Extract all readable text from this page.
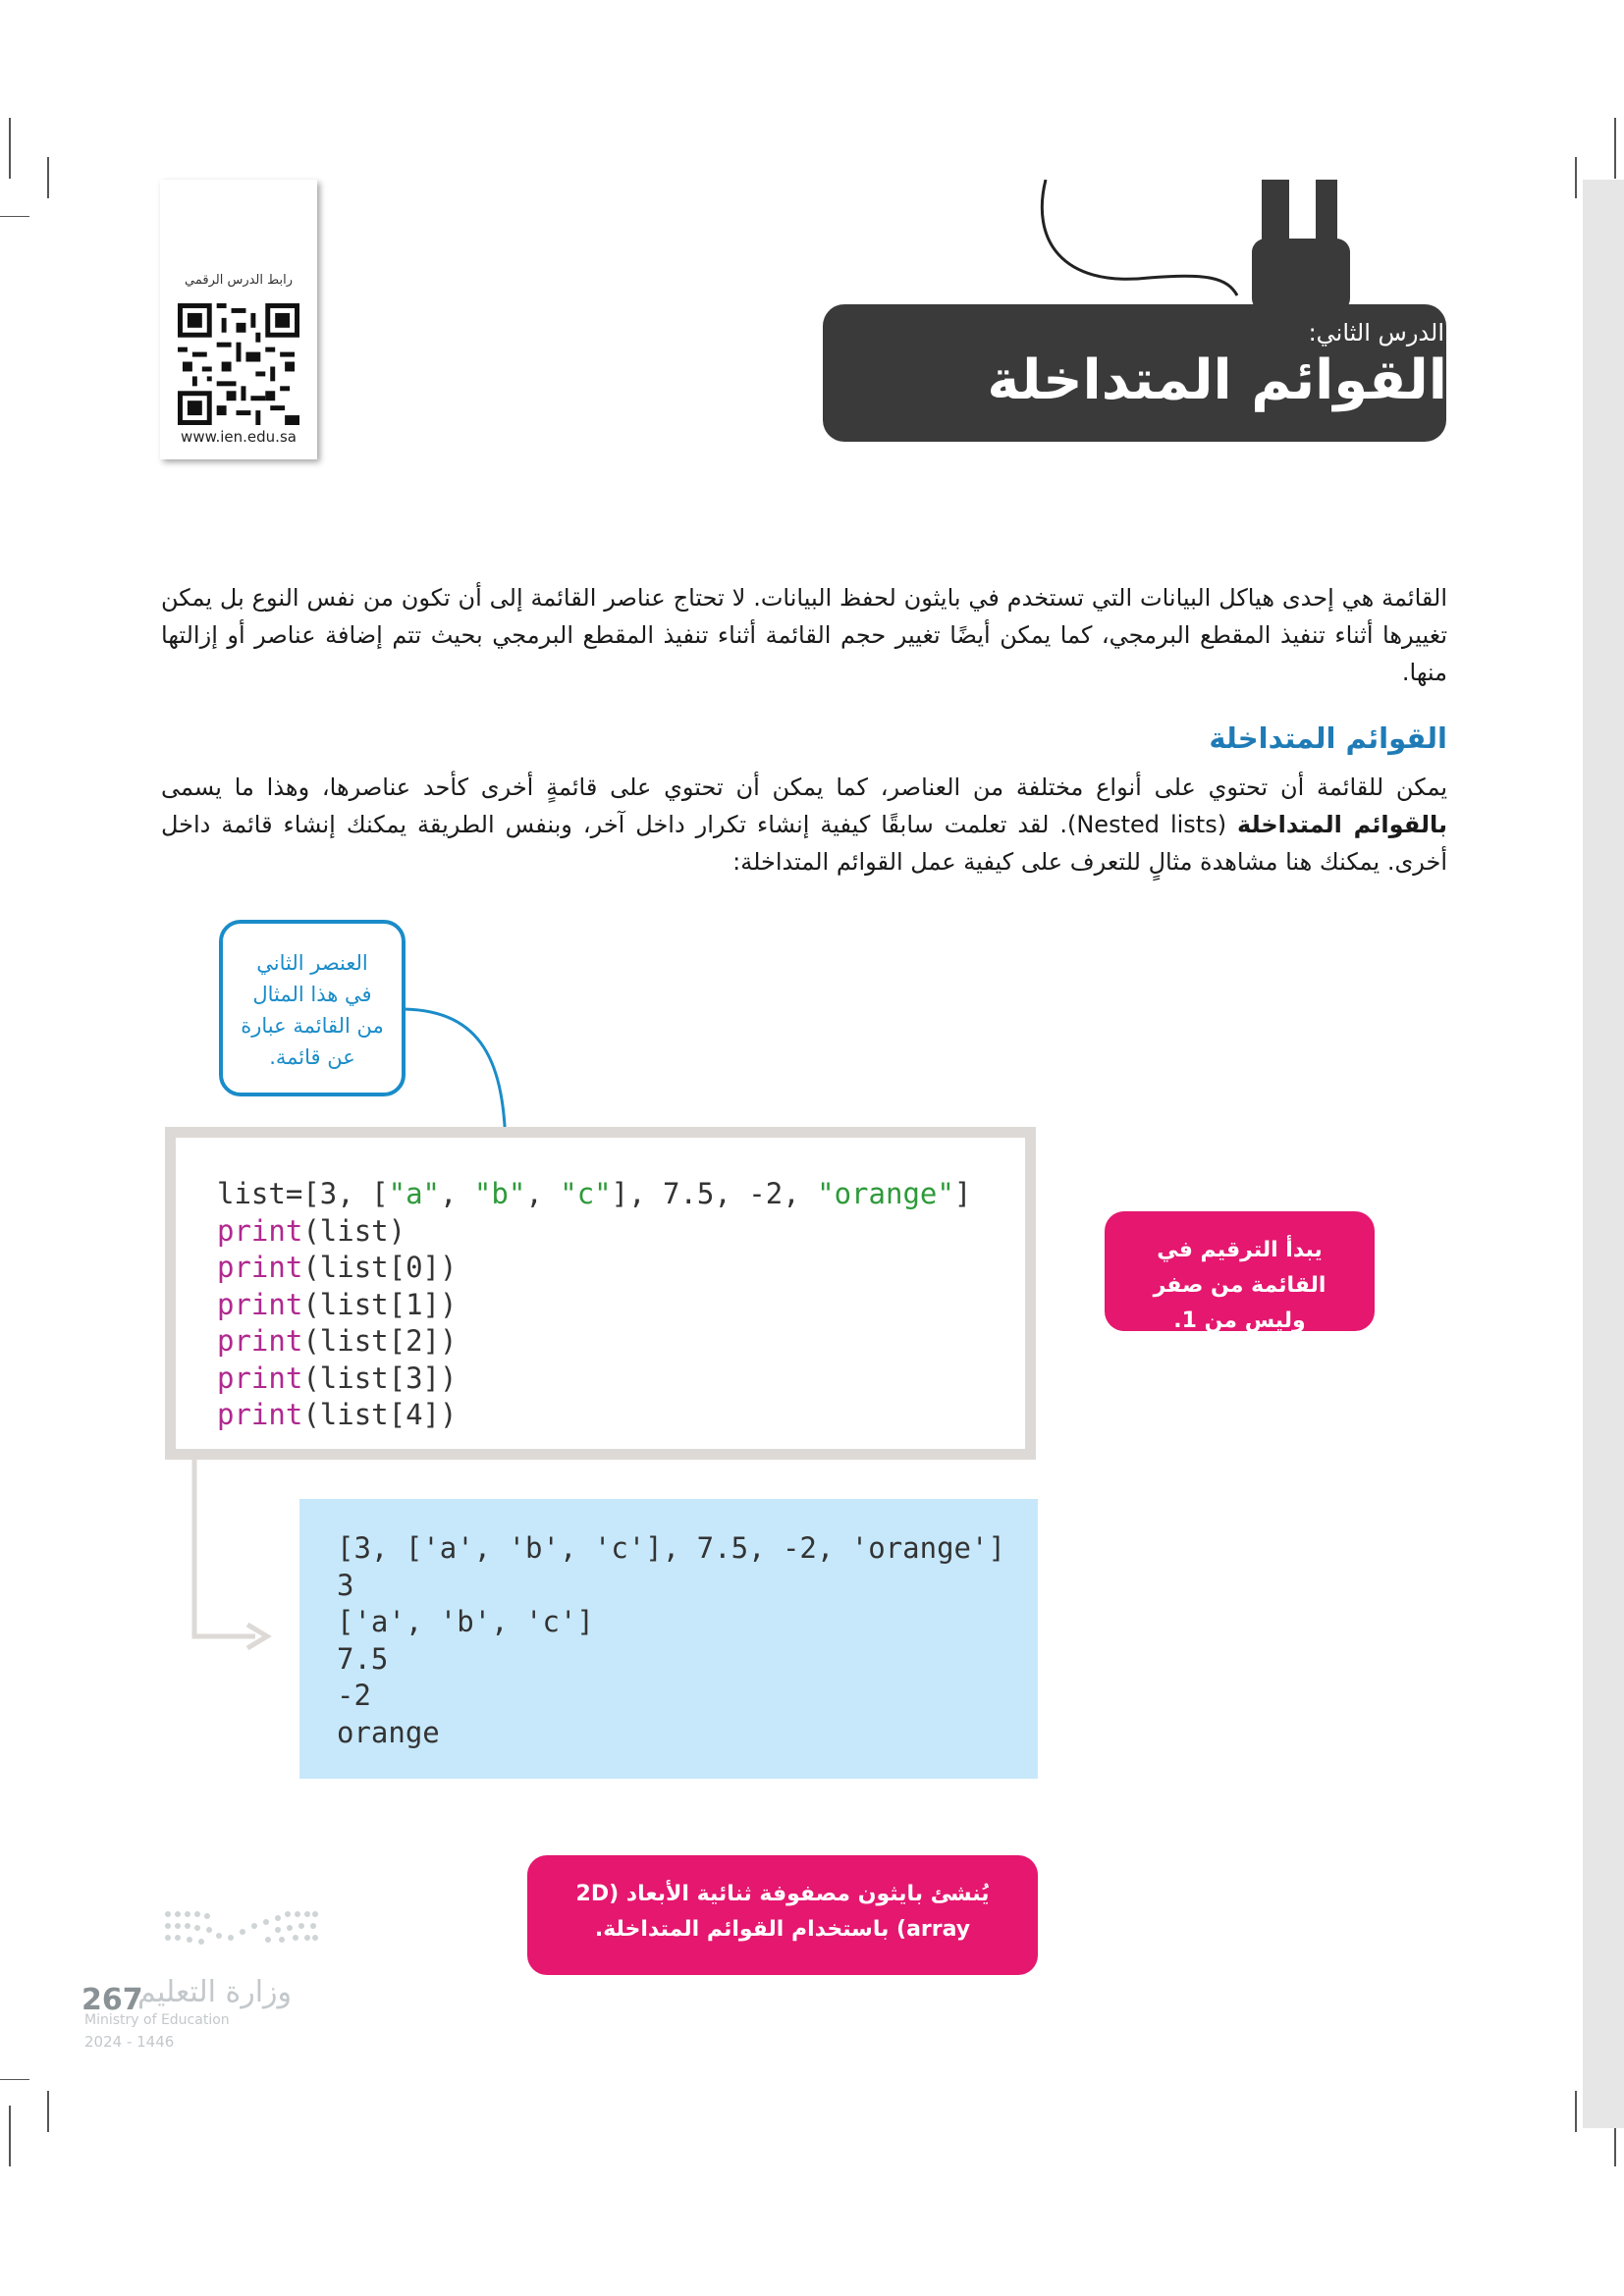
رابط الدرس الرقمي
www.ien.edu.sa
الدرس الثاني:
القوائم المتداخلة
القائمة هي إحدى هياكل البيانات التي تستخدم في بايثون لحفظ البيانات. لا تحتاج عناصر القائمة إلى أن تكون من نفس النوع بل يمكن تغييرها أثناء تنفيذ المقطع البرمجي، كما يمكن أيضًا تغيير حجم القائمة أثناء تنفيذ المقطع البرمجي بحيث تتم إضافة عناصر أو إزالتها منها.
القوائم المتداخلة
يمكن للقائمة أن تحتوي على أنواع مختلفة من العناصر، كما يمكن أن تحتوي على قائمةٍ أخرى كأحد عناصرها، وهذا ما يسمى بالقوائم المتداخلة (Nested lists). لقد تعلمت سابقًا كيفية إنشاء تكرار داخل آخر، وبنفس الطريقة يمكنك إنشاء قائمة داخل أخرى. يمكنك هنا مشاهدة مثالٍ للتعرف على كيفية عمل القوائم المتداخلة:
العنصر الثاني في هذا المثال من القائمة عبارة عن قائمة.
list=[3, ["a", "b", "c"], 7.5, -2, "orange"]
print(list)
print(list[0])
print(list[1])
print(list[2])
print(list[3])
print(list[4])
[3, ['a', 'b', 'c'], 7.5, -2, 'orange']
3
['a', 'b', 'c']
7.5
-2
orange
يبدأ الترقيم في القائمة من صفر وليس من 1.
يُنشئ بايثون مصفوفة ثنائية الأبعاد (2D array) باستخدام القوائم المتداخلة.
وزارة التعليم
267
Ministry of Education
2024 - 1446
